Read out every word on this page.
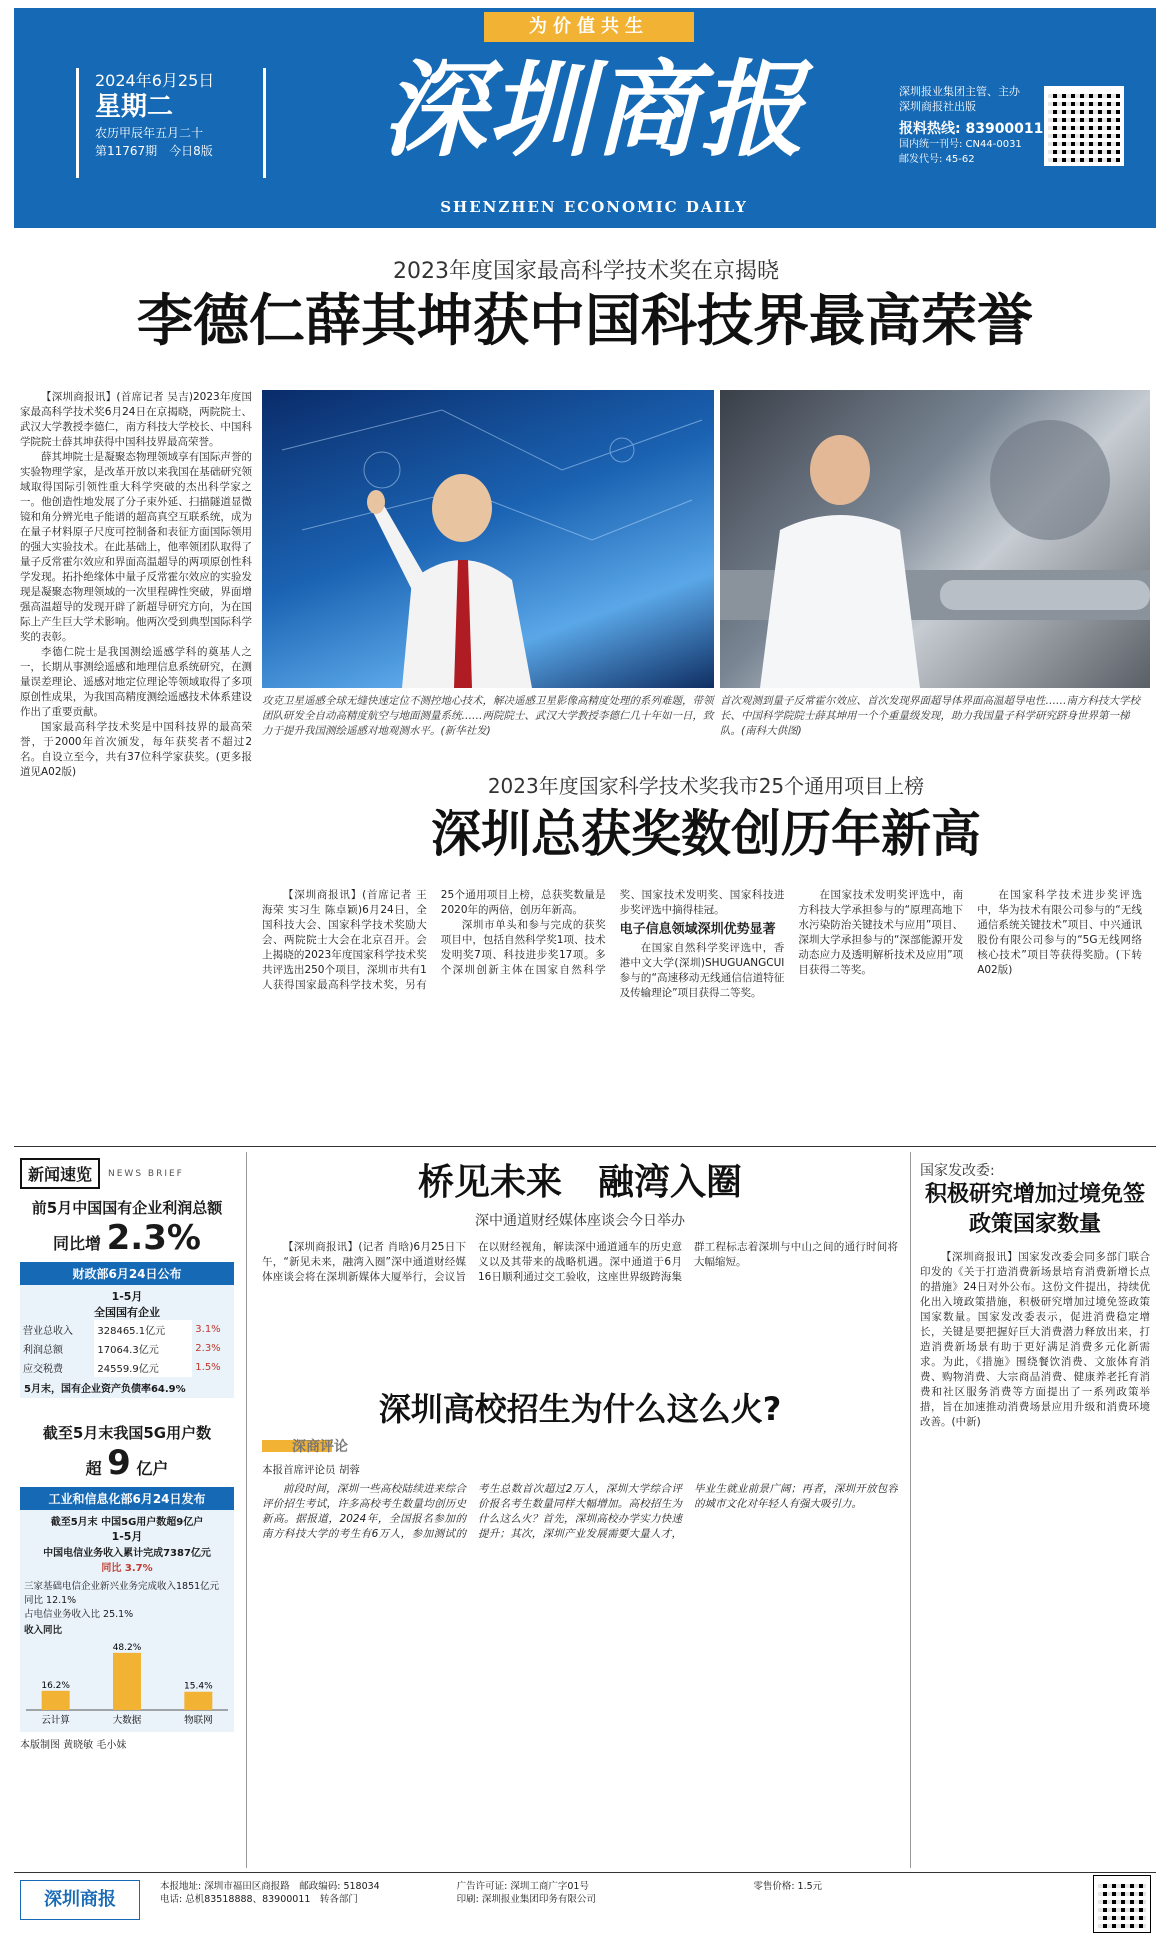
为价值共生
2024年6月25日
星期二
农历甲辰年五月二十
第11767期　今日8版	深圳商报
SHENZHEN ECONOMIC DAILY
深圳报业集团主管、主办
深圳商报社出版
报料热线: 83900011
国内统一刊号: CN44-0031
邮发代号: 45-62
2023年度国家最高科学技术奖在京揭晓
李德仁薛其坤获中国科技界最高荣誉

【深圳商报讯】(首席记者 吴吉)2023年度国家最高科学技术奖6月24日在京揭晓，两院院士、武汉大学教授李德仁，南方科技大学校长、中国科学院院士薛其坤获得中国科技界最高荣誉。

薛其坤院士是凝聚态物理领域享有国际声誉的实验物理学家，是改革开放以来我国在基础研究领域取得国际引领性重大科学突破的杰出科学家之一。他创造性地发展了分子束外延、扫描隧道显微镜和角分辨光电子能谱的超高真空互联系统，成为在量子材料原子尺度可控制备和表征方面国际领用的强大实验技术。在此基础上，他率领团队取得了量子反常霍尔效应和界面高温超导的两项原创性科学发现。拓扑绝缘体中量子反常霍尔效应的实验发现是凝聚态物理领域的一次里程碑性突破，界面增强高温超导的发现开辟了新超导研究方向，为在国际上产生巨大学术影响。他两次受到典型国际科学奖的表彰。

李德仁院士是我国测绘遥感学科的奠基人之一，长期从事测绘遥感和地理信息系统研究，在测量误差理论、遥感对地定位理论等领域取得了多项原创性成果，为我国高精度测绘遥感技术体系建设作出了重要贡献。

国家最高科学技术奖是中国科技界的最高荣誉，于2000年首次颁发，每年获奖者不超过2名。自设立至今，共有37位科学家获奖。(更多报道见A02版)

攻克卫星遥感全球无缝快速定位不测控地心技术，解决遥感卫星影像高精度处理的系列难题，带领团队研发全自动高精度航空与地面测量系统……两院院士、武汉大学教授李德仁几十年如一日，致力于提升我国测绘遥感对地观测水平。(新华社发)
首次观测到量子反常霍尔效应、首次发现界面超导体界面高温超导电性……南方科技大学校长、中国科学院院士薛其坤用一个个重量级发现，助力我国量子科学研究跻身世界第一梯队。(南科大供图)
2023年度国家科学技术奖我市25个通用项目上榜
深圳总获奖数创历年新高

【深圳商报讯】(首席记者 王海荣 实习生 陈卓颖)6月24日，全国科技大会、国家科学技术奖励大会、两院院士大会在北京召开。会上揭晓的2023年度国家科学技术奖共评选出250个项目，深圳市共有1人获得国家最高科学技术奖，另有25个通用项目上榜，总获奖数量是2020年的两倍，创历年新高。

深圳市单头和参与完成的获奖项目中，包括自然科学奖1项、技术发明奖7项、科技进步奖17项。多个深圳创新主体在国家自然科学奖、国家技术发明奖、国家科技进步奖评选中摘得桂冠。

电子信息领域深圳优势显著

在国家自然科学奖评选中，香港中文大学(深圳)SHUGUANGCUI参与的“高速移动无线通信信道特征及传输理论”项目获得二等奖。

在国家技术发明奖评选中，南方科技大学承担参与的“原理高地下水污染防治关键技术与应用”项目、深圳大学承担参与的“深部能源开发动态应力及透明解析技术及应用”项目获得二等奖。

在国家科学技术进步奖评选中，华为技术有限公司参与的“无线通信系统关键技术”项目、中兴通讯股份有限公司参与的“5G无线网络核心技术”项目等获得奖励。(下转A02版)

新闻速览	NEWS BRIEF
前5月中国国有企业利润总额
同比增 2.3%
财政部6月24日公布
1-5月
全国国有企业
营业总收入	328465.1亿元	3.1%
利润总额	17064.3亿元	2.3%
应交税费	24559.9亿元	1.5%
5月末，国有企业资产负债率64.9%
截至5月末我国5G用户数
超 9 亿户
工业和信息化部6月24日发布
截至5月末 中国5G用户数超9亿户
1-5月
中国电信业务收入累计完成7387亿元
同比 3.7%
三家基础电信企业新兴业务完成收入1851亿元
同比 12.1%
占电信业务收入比 25.1%
收入同比
16.2%
云计算
48.2%
大数据
15.4%
物联网
本版制图 黄晓敏 毛小妹
桥见未来　融湾入圈
深中通道财经媒体座谈会今日举办

【深圳商报讯】(记者 肖晗)6月25日下午，“新见未来，融湾入圈”深中通道财经媒体座谈会将在深圳新媒体大厦举行，会议旨在以财经视角，解读深中通道通车的历史意义以及其带来的战略机遇。深中通道于6月16日顺利通过交工验收，这座世界级跨海集群工程标志着深圳与中山之间的通行时间将大幅缩短。

深圳高校招生为什么这么火?
深商评论
本报首席评论员 胡蓉

前段时间，深圳一些高校陆续进来综合评价招生考试，许多高校考生数量均创历史新高。据报道，2024年，全国报名参加的南方科技大学的考生有6万人，参加测试的考生总数首次超过2万人，深圳大学综合评价报名考生数量同样大幅增加。高校招生为什么这么火？首先，深圳高校办学实力快速提升；其次，深圳产业发展需要大量人才，毕业生就业前景广阔；再者，深圳开放包容的城市文化对年轻人有强大吸引力。

国家发改委:
积极研究增加过境免签政策国家数量

【深圳商报讯】国家发改委会同多部门联合印发的《关于打造消费新场景培育消费新增长点的措施》24日对外公布。这份文件提出，持续优化出入境政策措施，积极研究增加过境免签政策国家数量。国家发改委表示，促进消费稳定增长，关键是要把握好巨大消费潜力释放出来，打造消费新场景有助于更好满足消费多元化新需求。为此，《措施》围绕餐饮消费、文旅体育消费、购物消费、大宗商品消费、健康养老托育消费和社区服务消费等方面提出了一系列政策举措，旨在加速推动消费场景应用升级和消费环境改善。(中新)

深圳商报
本报地址: 深圳市福田区商报路　邮政编码: 518034
电话: 总机83518888、83900011　转各部门
广告许可证: 深圳工商广字01号
印刷: 深圳报业集团印务有限公司
零售价格: 1.5元
